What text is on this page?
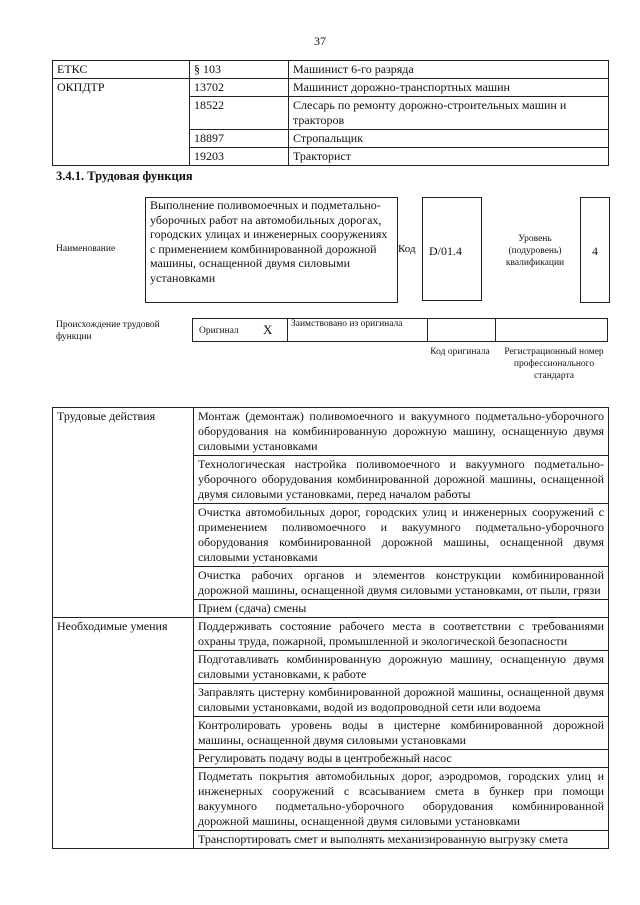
37
ЕТКС	§ 103	Машинист 6-го разряда
ОКПДТР	13702	Машинист дорожно-транспортных машин
	18522	Слесарь по ремонту дорожно-строительных машин и тракторов
	18897	Стропальщик
	19203	Тракторист
3.4.1. Трудовая функция
Наименование
Выполнение поливомоечных и подметально-уборочных работ на автомобильных дорогах, городских улицах и инженерных сооружениях с применением комбинированной дорожной машины, оснащенной двумя силовыми установками
Код D/01.4
Уровень (подуровень) квалификации
4
Происхождение трудовой функции
Оригинал X Заимствовано из оригинала
Код оригинала	Регистрационный номер профессионального стандарта
Трудовые действия	Монтаж (демонтаж) поливомоечного и вакуумного подметально-уборочного оборудования на комбинированную дорожную машину, оснащенную двумя силовыми установками
	Технологическая настройка поливомоечного и вакуумного подметально-уборочного оборудования комбинированной дорожной машины, оснащенной двумя силовыми установками, перед началом работы
	Очистка автомобильных дорог, городских улиц и инженерных сооружений с применением поливомоечного и вакуумного подметально-уборочного оборудования комбинированной дорожной машины, оснащенной двумя силовыми установками
	Очистка рабочих органов и элементов конструкции комбинированной дорожной машины, оснащенной двумя силовыми установками, от пыли, грязи
	Прием (сдача) смены
Необходимые умения	Поддерживать состояние рабочего места в соответствии с требованиями охраны труда, пожарной, промышленной и экологической безопасности
	Подготавливать комбинированную дорожную машину, оснащенную двумя силовыми установками, к работе
	Заправлять цистерну комбинированной дорожной машины, оснащенной двумя силовыми установками, водой из водопроводной сети или водоема
	Контролировать уровень воды в цистерне комбинированной дорожной машины, оснащенной двумя силовыми установками
	Регулировать подачу воды в центробежный насос
	Подметать покрытия автомобильных дорог, аэродромов, городских улиц и инженерных сооружений с всасыванием смета в бункер при помощи вакуумного подметально-уборочного оборудования комбинированной дорожной машины, оснащенной двумя силовыми установками
	Транспортировать смет и выполнять механизированную выгрузку смета
